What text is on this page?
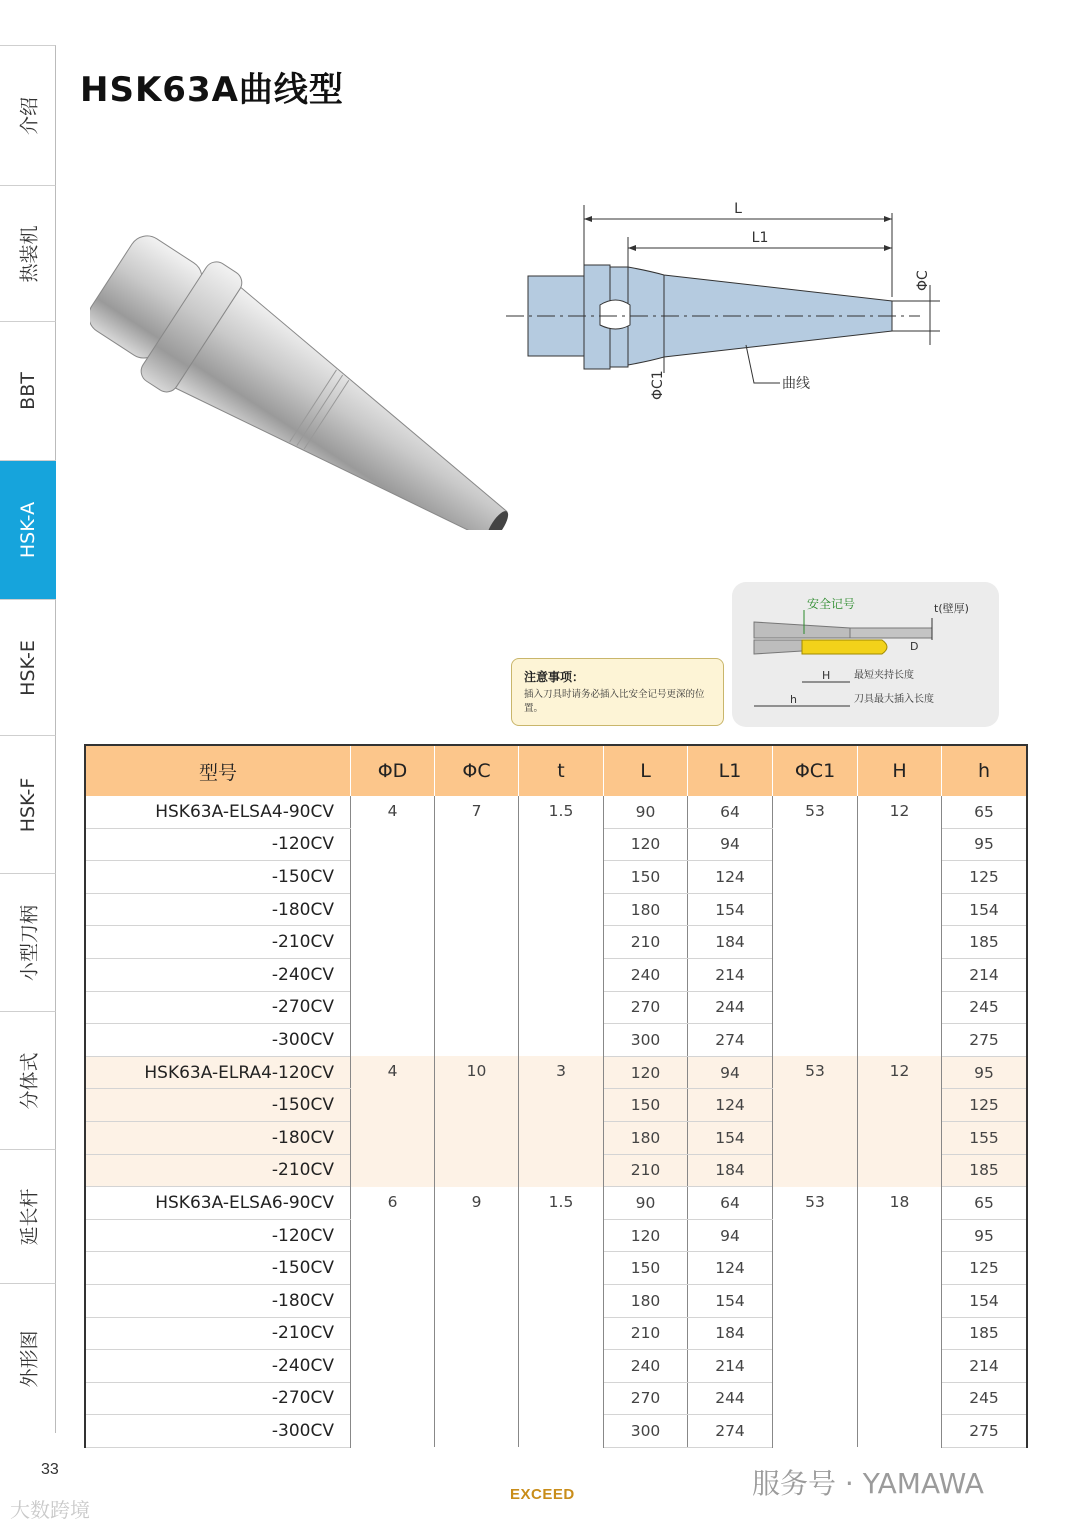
介绍
热装机
BBT
HSK-A
HSK-E
HSK-F
小型刀柄
分体式
延长杆
外形图
HSK63A曲线型
L
L1
ΦC
ΦC1	曲线
安全记号	t(壁厚)
D
H 最短夹持长度
h	刀具最大插入长度
注意事项：
插入刀具时请务必插入比安全记号更深的位置。
型号	ΦD	ΦC	t	L	L1	ΦC1	H	h
HSK63A-ELSA4-90CV	4	7	1.5	90	64	53	12	65
-120CV				120	94			95
-150CV				150	124			125
-180CV				180	154			154
-210CV				210	184			185
-240CV				240	214			214
-270CV				270	244			245
-300CV				300	274			275
HSK63A-ELRA4-120CV	4	10	3	120	94	53	12	95
-150CV				150	124			125
-180CV				180	154			155
-210CV				210	184			185
HSK63A-ELSA6-90CV	6	9	1.5	90	64	53	18	65
-120CV				120	94			95
-150CV				150	124			125
-180CV				180	154			154
-210CV				210	184			185
-240CV				240	214			214
-270CV				270	244			245
-300CV				300	274			275
33
EXCEED
大数跨境
服务号 · YAMAWA
